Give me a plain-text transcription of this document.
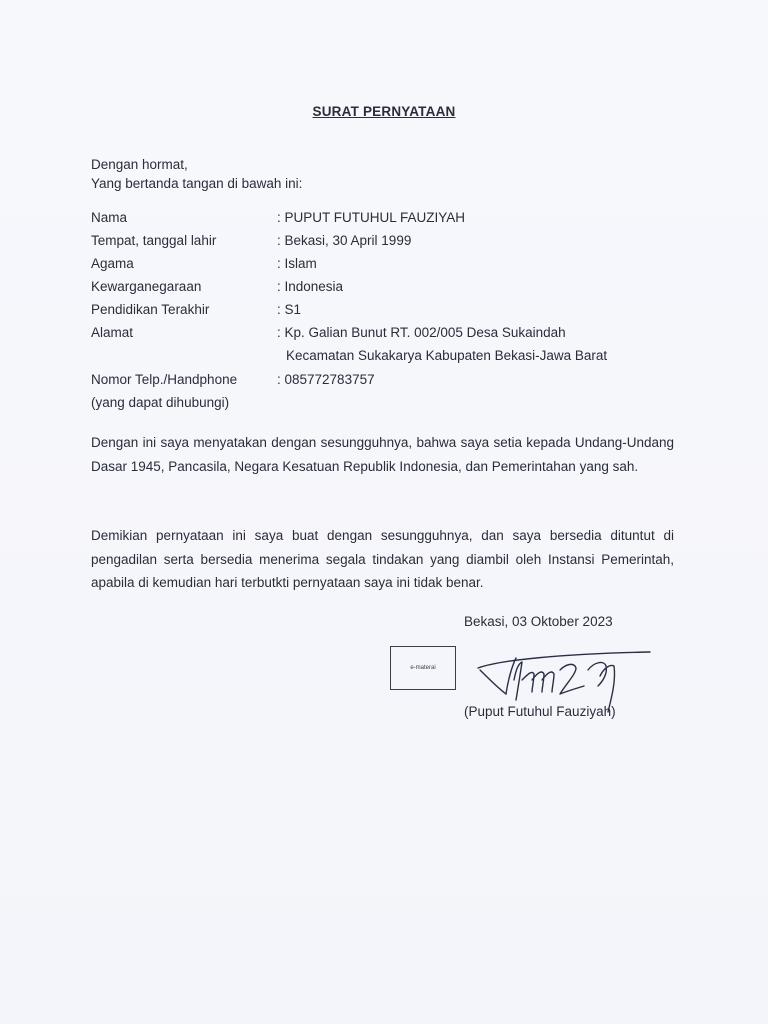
SURAT PERNYATAAN
Dengan hormat,
Yang bertanda tangan di bawah ini:
Nama	: PUPUT FUTUHUL FAUZIYAH
Tempat, tanggal lahir	: Bekasi, 30 April 1999
Agama	: Islam
Kewarganegaraan	: Indonesia
Pendidikan Terakhir	: S1
Alamat	: Kp. Galian Bunut RT. 002/005 Desa Sukaindah
Kecamatan Sukakarya Kabupaten Bekasi-Jawa Barat
Nomor Telp./Handphone	: 085772783757
(yang dapat dihubungi)
Dengan ini saya menyatakan dengan sesungguhnya, bahwa saya setia kepada Undang-Undang Dasar 1945, Pancasila, Negara Kesatuan Republik Indonesia, dan Pemerintahan yang sah.
Demikian pernyataan ini saya buat dengan sesungguhnya, dan saya bersedia dituntut di pengadilan serta bersedia menerima segala tindakan yang diambil oleh Instansi Pemerintah, apabila di kemudian hari terbutkti pernyataan saya ini tidak benar.
Bekasi, 03 Oktober 2023
e-materai
(Puput Futuhul Fauziyah)
